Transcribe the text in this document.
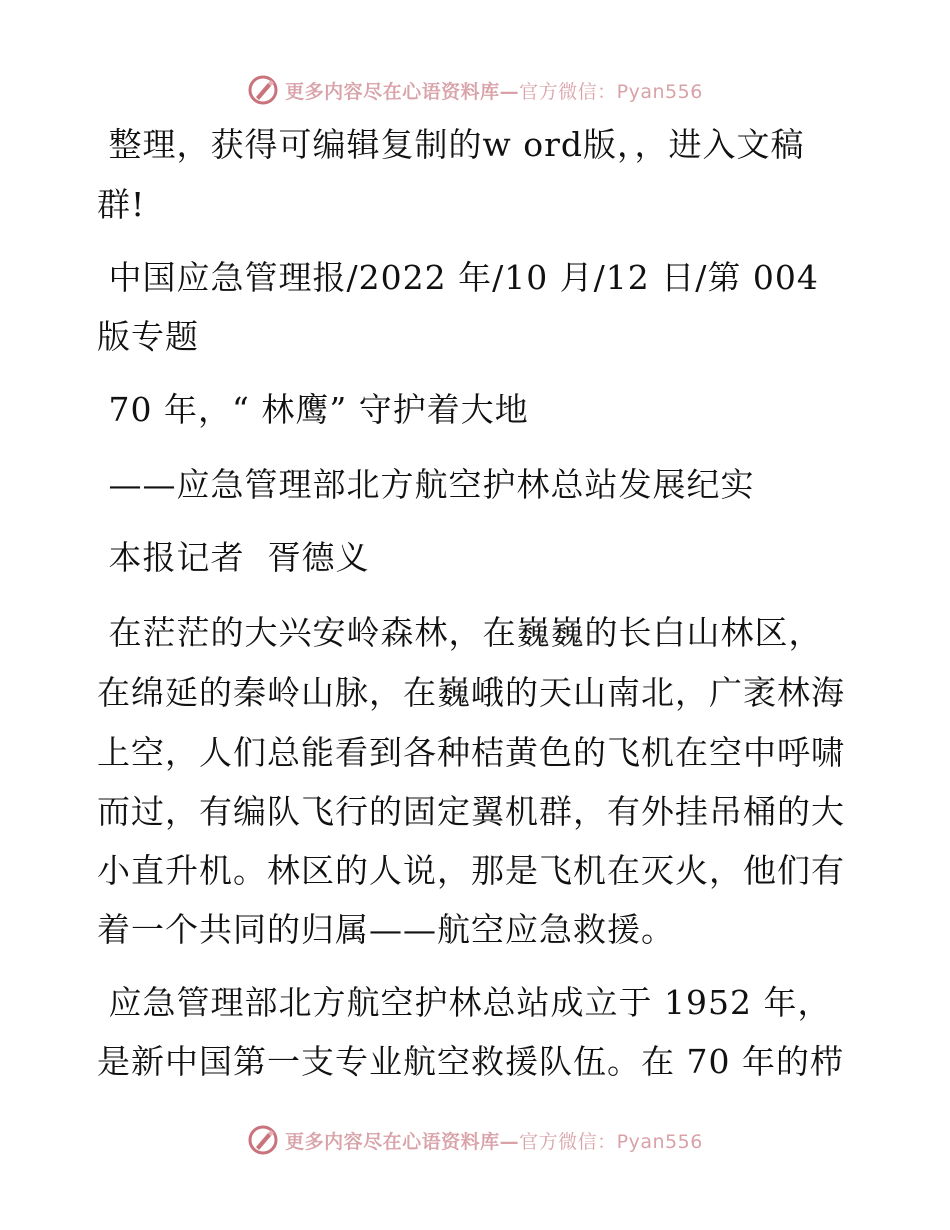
更多内容尽在心语资料库—官方微信：Pyan556
整理，获得可编辑复制的w ord版，，进入文稿
群!
中国应急管理报/2022 年/10 月/12 日/第 004
版专题
70 年，“ 林鹰” 守护着大地
——应急管理部北方航空护林总站发展纪实
本报记者  胥德义
在茫茫的大兴安岭森林，在巍巍的长白山林区，
在绵延的秦岭山脉，在巍峨的天山南北，广袤林海
上空，人们总能看到各种桔黄色的飞机在空中呼啸
而过，有编队飞行的固定翼机群，有外挂吊桶的大
小直升机。林区的人说，那是飞机在灭火，他们有
着一个共同的归属——航空应急救援。
应急管理部北方航空护林总站成立于 1952 年，
是新中国第一支专业航空救援队伍。在 70 年的栉
更多内容尽在心语资料库—官方微信：Pyan556
